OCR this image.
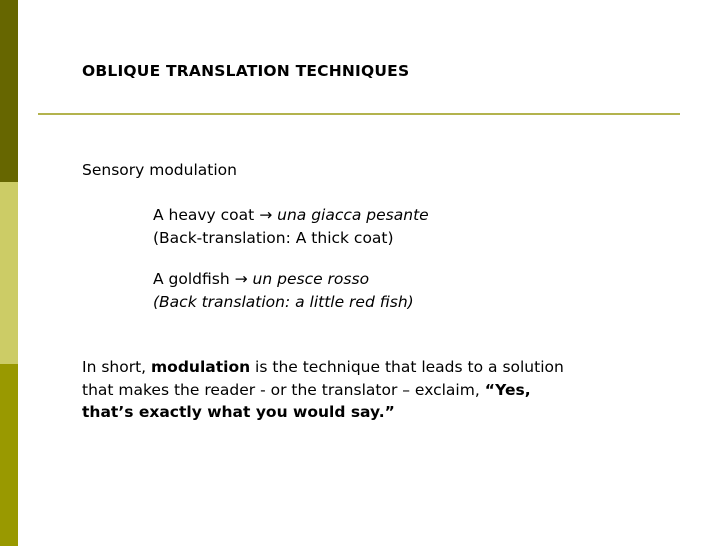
OBLIQUE TRANSLATION TECHNIQUES
Sensory modulation
A heavy coat → una giacca pesante
(Back-translation: A thick coat)
A goldfish → un pesce rosso
(Back translation: a little red fish)
In short, modulation is the technique that leads to a solution
that makes the reader - or the translator – exclaim, “Yes,
that’s exactly what you would say.”
